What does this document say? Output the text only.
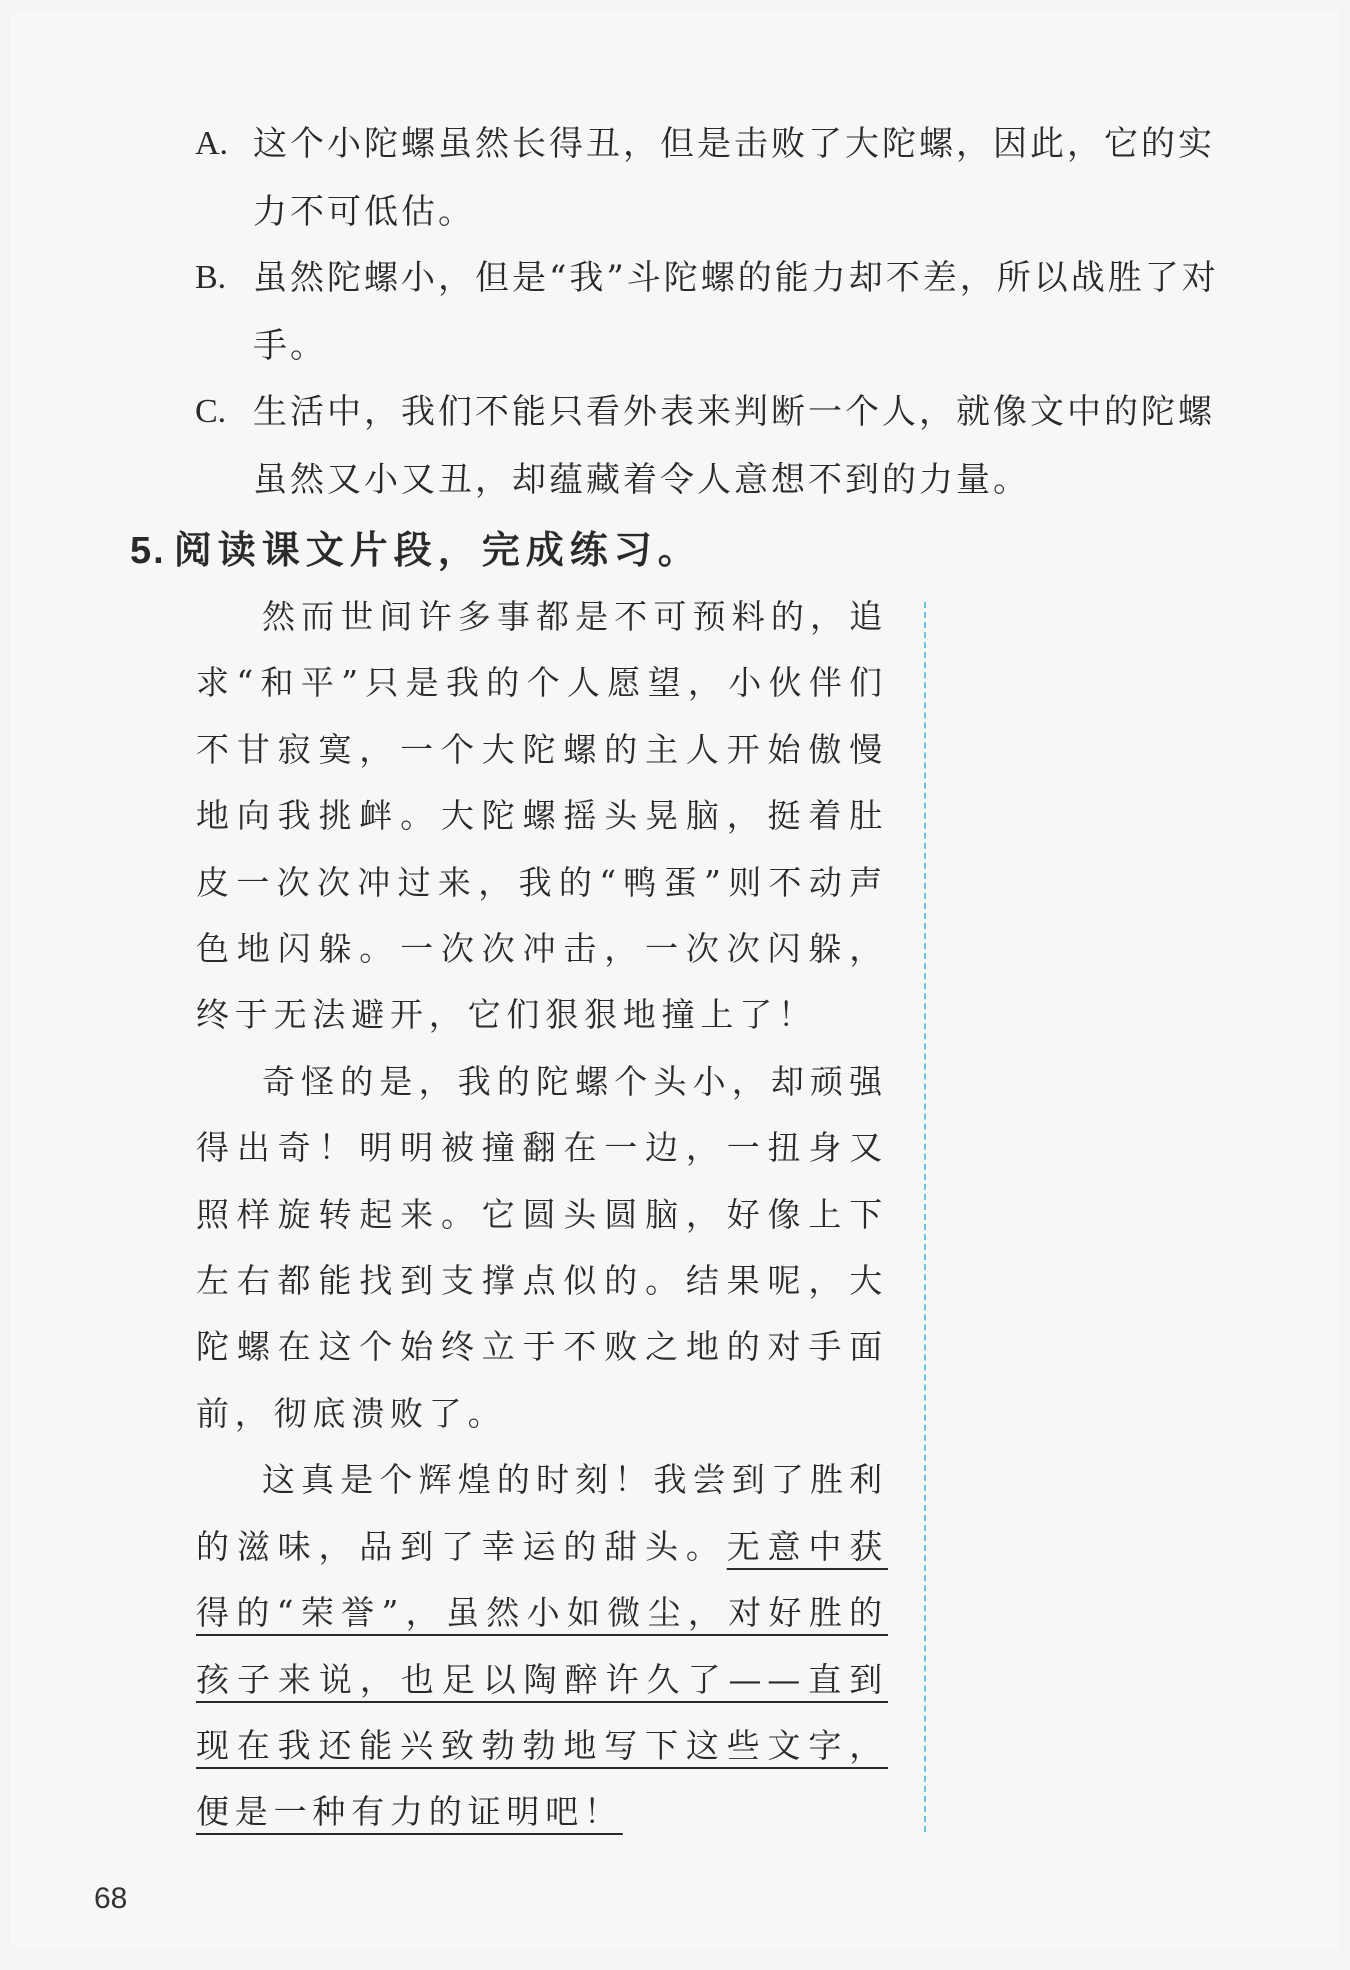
A. 这个小陀螺虽然长得丑，但是击败了大陀螺，因此，它的实力不可低估。
B. 虽然陀螺小，但是“我”斗陀螺的能力却不差，所以战胜了对手。
C. 生活中，我们不能只看外表来判断一个人，就像文中的陀螺虽然又小又丑，却蕴藏着令人意想不到的力量。
5. 阅读课文片段，完成练习。

然而世间许多事都是不可预料的，追求“和平”只是我的个人愿望，小伙伴们不甘寂寞，一个大陀螺的主人开始傲慢地向我挑衅。大陀螺摇头晃脑，挺着肚皮一次次冲过来，我的“鸭蛋”则不动声色地闪躲。一次次冲击，一次次闪躲，终于无法避开，它们狠狠地撞上了！

奇怪的是，我的陀螺个头小，却顽强得出奇！明明被撞翻在一边，一扭身又照样旋转起来。它圆头圆脑，好像上下左右都能找到支撑点似的。结果呢，大陀螺在这个始终立于不败之地的对手面前，彻底溃败了。

这真是个辉煌的时刻！我尝到了胜利的滋味，品到了幸运的甜头。无意中获得的“荣誉”，虽然小如微尘，对好胜的孩子来说，也足以陶醉许久了——直到现在我还能兴致勃勃地写下这些文字，便是一种有力的证明吧！

68
